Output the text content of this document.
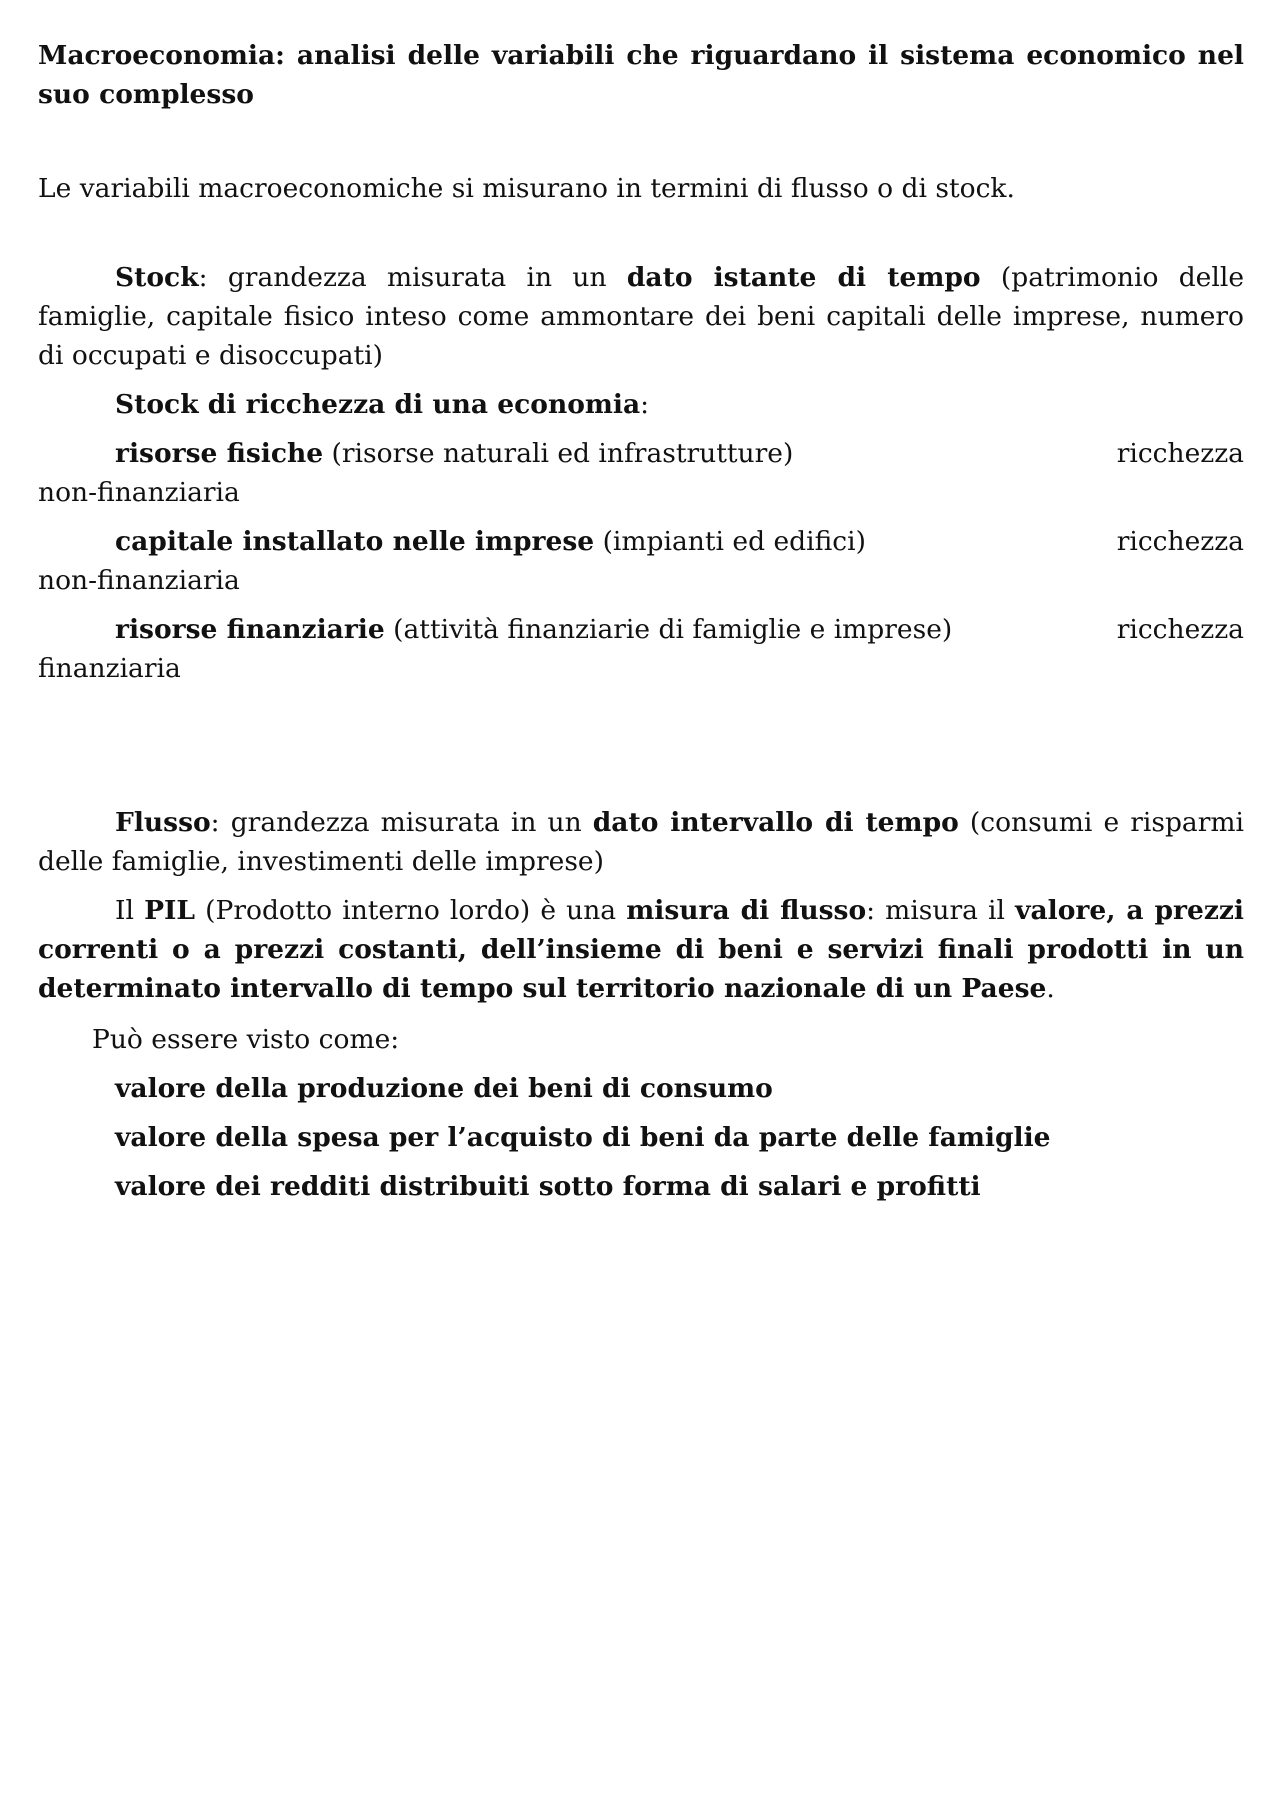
Macroeconomia: analisi delle variabili che riguardano il sistema economico nel suo complesso

Le variabili macroeconomiche si misurano in termini di flusso o di stock.

Stock: grandezza misurata in un dato istante di tempo (patrimonio delle famiglie, capitale fisico inteso come ammontare dei beni capitali delle imprese, numero di occupati e disoccupati)

Stock di ricchezza di una economia:

ricchezza
risorse fisiche (risorse naturali ed infrastrutture)
non-finanziaria
ricchezza
capitale installato nelle imprese (impianti ed edifici)
non-finanziaria
ricchezza
risorse finanziarie (attività finanziarie di famiglie e imprese)
finanziaria

Flusso: grandezza misurata in un dato intervallo di tempo (consumi e risparmi delle famiglie, investimenti delle imprese)

Il PIL (Prodotto interno lordo) è una misura di flusso: misura il valore, a prezzi correnti o a prezzi costanti, dell’insieme di beni e servizi finali prodotti in un determinato intervallo di tempo sul territorio nazionale di un Paese.

Può essere visto come:

valore della produzione dei beni di consumo

valore della spesa per l’acquisto di beni da parte delle famiglie

valore dei redditi distribuiti sotto forma di salari e profitti
